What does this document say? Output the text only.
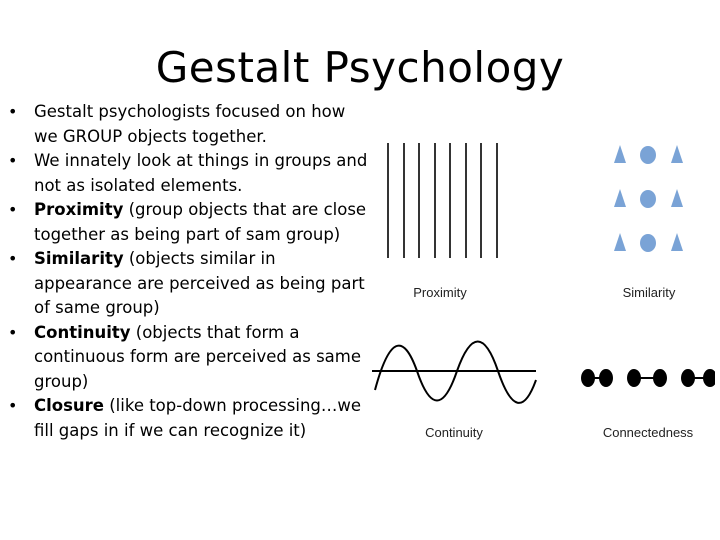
Gestalt Psychology
• Gestalt psychologists focused on how we GROUP objects together.
• We innately look at things in groups and not as isolated elements.
• Proximity (group objects that are close together as being part of sam group)
• Similarity (objects similar in appearance are perceived as being part of same group)
• Continuity (objects that form a continuous form are perceived as same group)
• Closure (like top-down processing…we fill gaps in if we can recognize it)
Proximity	Similarity
Continuity	Connectedness
